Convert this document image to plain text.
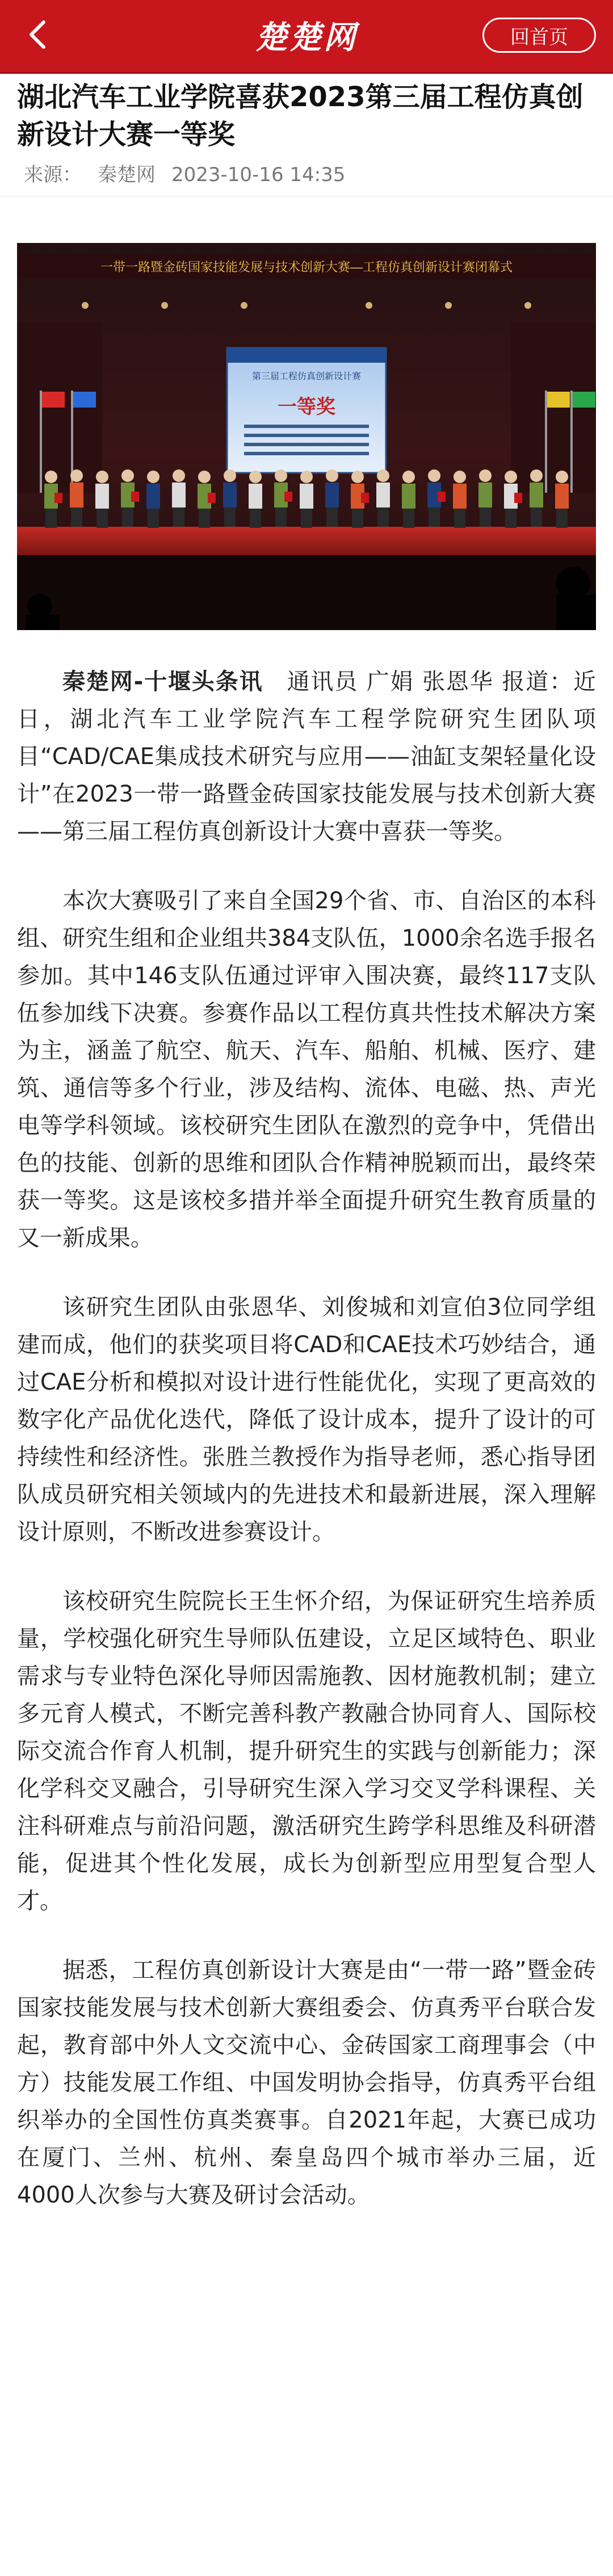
楚楚网	回首页
湖北汽车工业学院喜获2023第三届工程仿真创新设计大赛一等奖
来源： 秦楚网 2023-10-16 14:35
一带一路暨金砖国家技能发展与技术创新大赛—工程仿真创新设计赛闭幕式
第三届工程仿真创新设计赛
一等奖

秦楚网-十堰头条讯　 通讯员 广娟 张恩华 报道：近日，湖北汽车工业学院汽车工程学院研究生团队项目“CAD/CAE集成技术研究与应用——油缸支架轻量化设计”在2023一带一路暨金砖国家技能发展与技术创新大赛——第三届工程仿真创新设计大赛中喜获一等奖。

本次大赛吸引了来自全国29个省、市、自治区的本科组、研究生组和企业组共384支队伍，1000余名选手报名参加。其中146支队伍通过评审入围决赛，最终117支队伍参加线下决赛。参赛作品以工程仿真共性技术解决方案为主，涵盖了航空、航天、汽车、船舶、机械、医疗、建筑、通信等多个行业，涉及结构、流体、电磁、热、声光电等学科领域。该校研究生团队在激烈的竞争中，凭借出色的技能、创新的思维和团队合作精神脱颖而出，最终荣获一等奖。这是该校多措并举全面提升研究生教育质量的又一新成果。

该研究生团队由张恩华、刘俊城和刘宣伯3位同学组建而成，他们的获奖项目将CAD和CAE技术巧妙结合，通过CAE分析和模拟对设计进行性能优化，实现了更高效的数字化产品优化迭代，降低了设计成本，提升了设计的可持续性和经济性。张胜兰教授作为指导老师，悉心指导团队成员研究相关领域内的先进技术和最新进展，深入理解设计原则，不断改进参赛设计。

该校研究生院院长王生怀介绍，为保证研究生培养质量，学校强化研究生导师队伍建设，立足区域特色、职业需求与专业特色深化导师因需施教、因材施教机制；建立多元育人模式，不断完善科教产教融合协同育人、国际校际交流合作育人机制，提升研究生的实践与创新能力；深化学科交叉融合，引导研究生深入学习交叉学科课程、关注科研难点与前沿问题，激活研究生跨学科思维及科研潜能，促进其个性化发展，成长为创新型应用型复合型人才。

据悉，工程仿真创新设计大赛是由“一带一路”暨金砖国家技能发展与技术创新大赛组委会、仿真秀平台联合发起，教育部中外人文交流中心、金砖国家工商理事会（中方）技能发展工作组、中国发明协会指导，仿真秀平台组织举办的全国性仿真类赛事。自2021年起，大赛已成功在厦门、兰州、杭州、秦皇岛四个城市举办三届，近4000人次参与大赛及研讨会活动。
